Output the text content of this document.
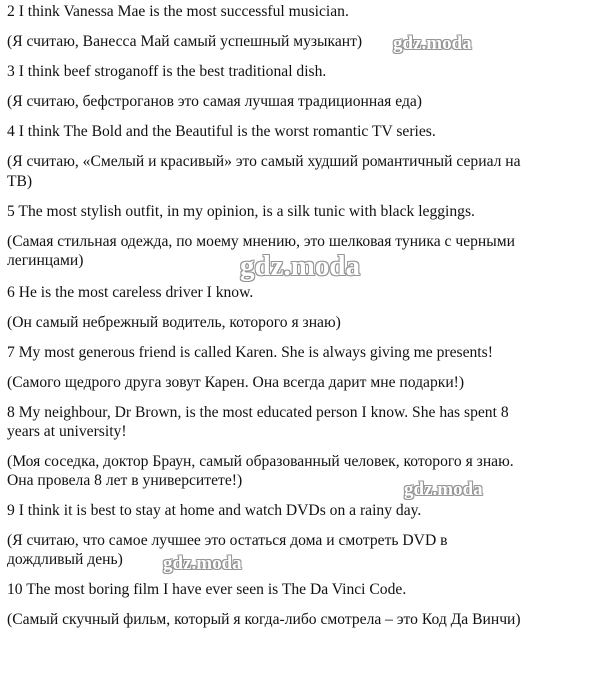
2 I think Vanessa Mae is the most successful musician.
(Я считаю, Ванесса Май самый успешный музыкант)
3 I think beef stroganoff is the best traditional dish.
(Я считаю, бефстроганов это самая лучшая традиционная еда)
4 I think The Bold and the Beautiful is the worst romantic TV series.
(Я считаю, «Смелый и красивый» это самый худший романтичный сериал на
ТВ)
5 The most stylish outfit, in my opinion, is a silk tunic with black leggings.
(Самая стильная одежда, по моему мнению, это шелковая туника с черными
легинцами)
6 He is the most careless driver I know.
(Он самый небрежный водитель, которого я знаю)
7 My most generous friend is called Karen. She is always giving me presents!
(Самого щедрого друга зовут Карен. Она всегда дарит мне подарки!)
8 My neighbour, Dr Brown, is the most educated person I know. She has spent 8
years at university!
(Моя соседка, доктор Браун, самый образованный человек, которого я знаю.
Она провела 8 лет в университете!)
9 I think it is best to stay at home and watch DVDs on a rainy day.
(Я считаю, что самое лучшее это остаться дома и смотреть DVD в
дождливый день)
10 The most boring film I have ever seen is The Da Vinci Code.
(Самый скучный фильм, который я когда-либо смотрела – это Код Да Винчи)
gdz.moda
gdz.moda
gdz.moda
gdz.moda
